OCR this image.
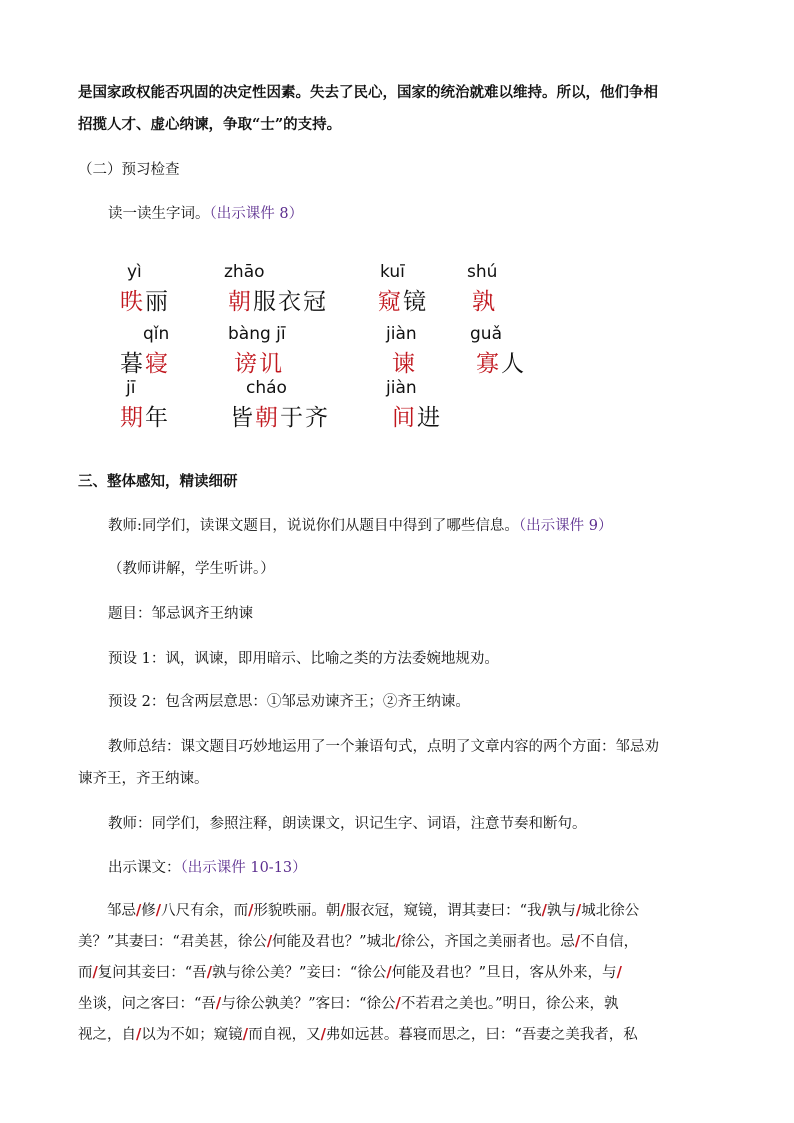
是国家政权能否巩固的决定性因素。失去了民心，国家的统治就难以维持。所以，他们争相
招揽人才、虚心纳谏，争取“士”的支持。
（二）预习检查
读一读生字词。（出示课件 8）
yì
昳丽
zhāo
朝服衣冠
kuī
窥镜
shú
孰
qǐn
暮寝
bàng jī
谤讥
jiàn
谏
guǎ
寡人
jī
期年
cháo
皆朝于齐
jiàn
间进
三、整体感知，精读细研
教师:同学们，读课文题目，说说你们从题目中得到了哪些信息。（出示课件 9）
（教师讲解，学生听讲。）
题目：邹忌讽齐王纳谏
预设 1：讽，讽谏，即用暗示、比喻之类的方法委婉地规劝。
预设 2：包含两层意思：①邹忌劝谏齐王；②齐王纳谏。
教师总结：课文题目巧妙地运用了一个兼语句式，点明了文章内容的两个方面：邹忌劝
谏齐王，齐王纳谏。
教师：同学们，参照注释，朗读课文，识记生字、词语，注意节奏和断句。
出示课文：（出示课件 10-13）
　　邹忌/修/八尺有余，而/形貌昳丽。朝/服衣冠，窥镜，谓其妻曰：“我/孰与/城北徐公
美？”其妻曰：“君美甚，徐公/何能及君也？”城北/徐公，齐国之美丽者也。忌/不自信，
而/复问其妾曰：“吾/孰与徐公美？”妾曰：“徐公/何能及君也？”旦日，客从外来，与/
坐谈，问之客曰：“吾/与徐公孰美？”客曰：“徐公/不若君之美也。”明日，徐公来，孰
视之，自/以为不如；窥镜/而自视，又/弗如远甚。暮寝而思之，曰：“吾妻之美我者，私
